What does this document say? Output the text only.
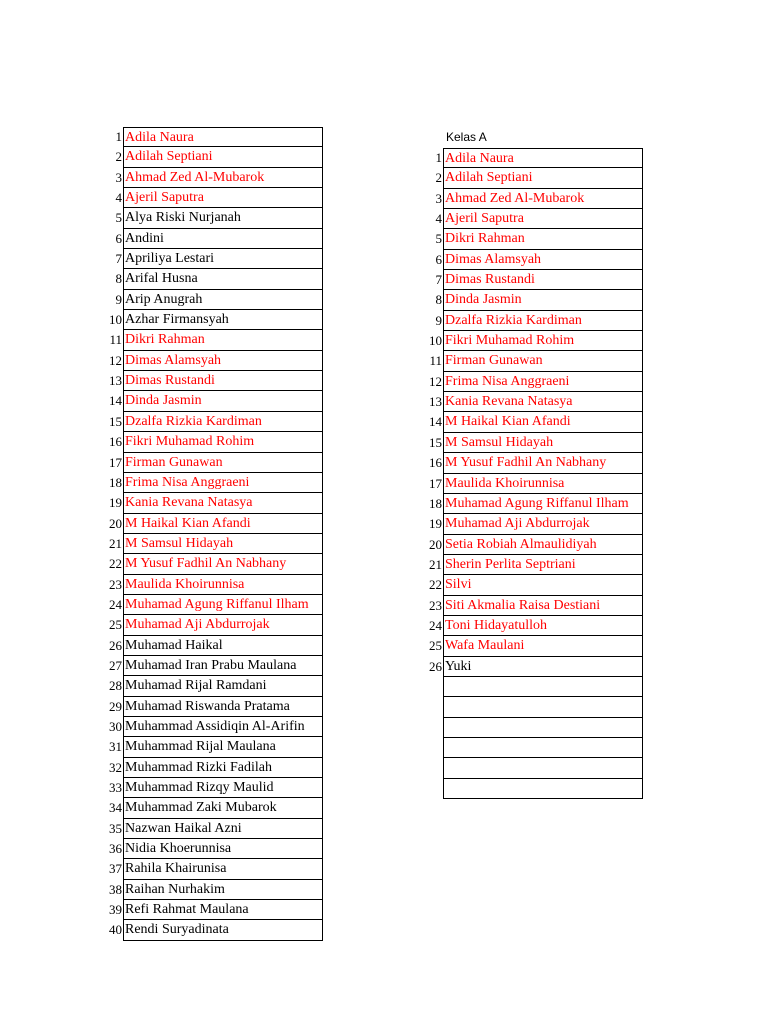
Kelas A
1 Adila Naura
2 Adilah Septiani
3 Ahmad Zed Al-Mubarok
4 Ajeril Saputra
5 Alya Riski Nurjanah
6 Andini
7 Apriliya Lestari
8 Arifal Husna
9 Arip Anugrah
10 Azhar Firmansyah
11 Dikri Rahman
12 Dimas Alamsyah
13 Dimas Rustandi
14 Dinda Jasmin
15 Dzalfa Rizkia Kardiman
16 Fikri Muhamad Rohim
17 Firman Gunawan
18 Frima Nisa Anggraeni
19 Kania Revana Natasya
20 M Haikal Kian Afandi
21 M Samsul Hidayah
22 M Yusuf Fadhil An Nabhany
23 Maulida Khoirunnisa
24 Muhamad Agung Riffanul Ilham
25 Muhamad Aji Abdurrojak
26 Muhamad Haikal
27 Muhamad Iran Prabu Maulana
28 Muhamad Rijal Ramdani
29 Muhamad Riswanda Pratama
30 Muhammad Assidiqin Al-Arifin
31 Muhammad Rijal Maulana
32 Muhammad Rizki Fadilah
33 Muhammad Rizqy Maulid
34 Muhammad Zaki Mubarok
35 Nazwan Haikal Azni
36 Nidia Khoerunnisa
37 Rahila Khairunisa
38 Raihan Nurhakim
39 Refi Rahmat Maulana
40 Rendi Suryadinata
1 Adila Naura
2 Adilah Septiani
3 Ahmad Zed Al-Mubarok
4 Ajeril Saputra
5 Dikri Rahman
6 Dimas Alamsyah
7 Dimas Rustandi
8 Dinda Jasmin
9 Dzalfa Rizkia Kardiman
10 Fikri Muhamad Rohim
11 Firman Gunawan
12 Frima Nisa Anggraeni
13 Kania Revana Natasya
14 M Haikal Kian Afandi
15 M Samsul Hidayah
16 M Yusuf Fadhil An Nabhany
17 Maulida Khoirunnisa
18 Muhamad Agung Riffanul Ilham
19 Muhamad Aji Abdurrojak
20 Setia Robiah Almaulidiyah
21 Sherin Perlita Septriani
22 Silvi
23 Siti Akmalia Raisa Destiani
24 Toni Hidayatulloh
25 Wafa Maulani
26 Yuki
